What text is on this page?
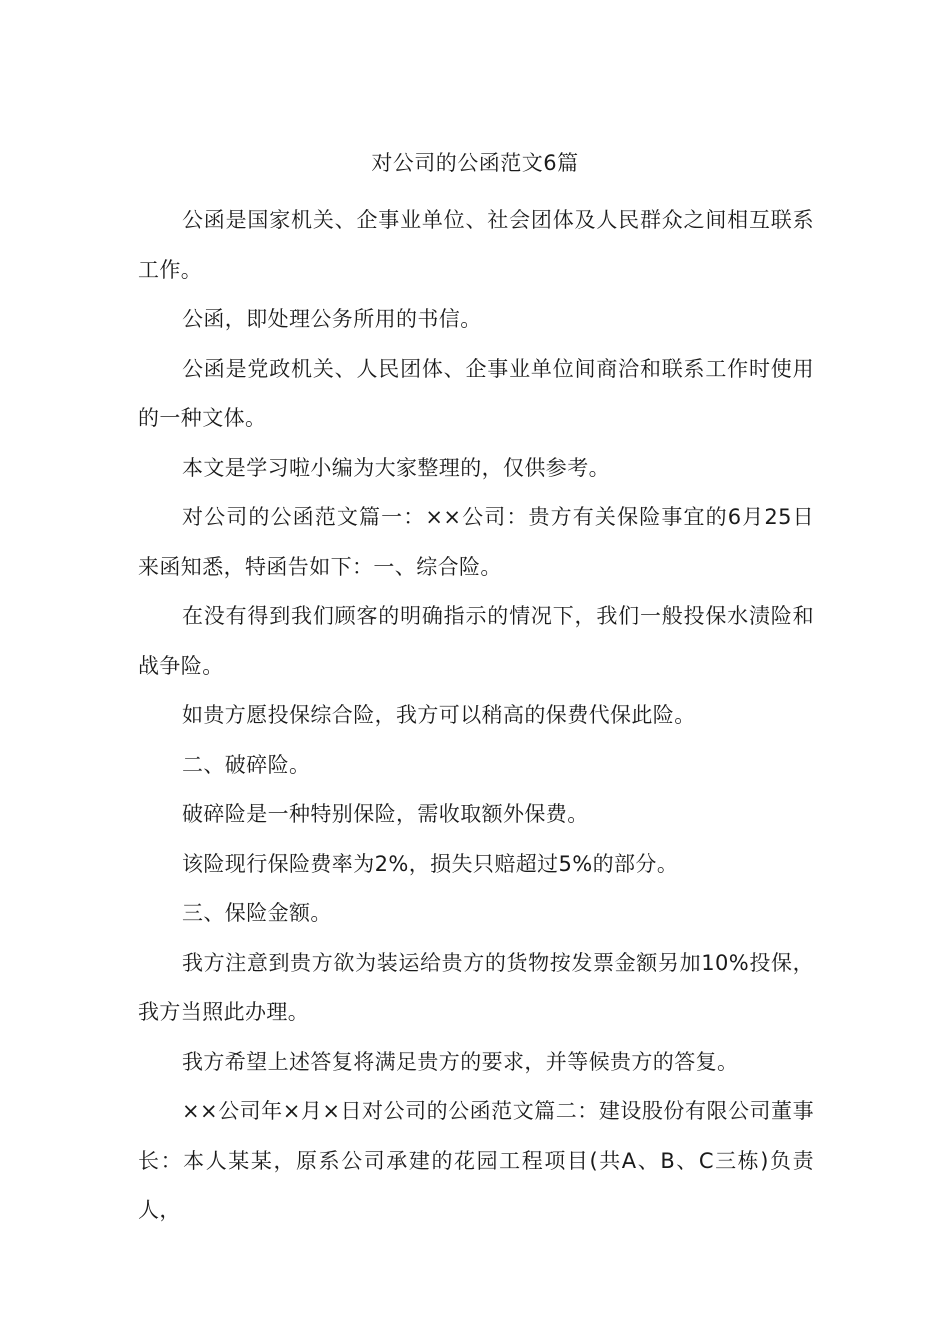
对公司的公函范文6篇

公函是国家机关、企事业单位、社会团体及人民群众之间相互联系工作。

公函，即处理公务所用的书信。

公函是党政机关、人民团体、企事业单位间商洽和联系工作时使用的一种文体。

本文是学习啦小编为大家整理的，仅供参考。

对公司的公函范文篇一：××公司：贵方有关保险事宜的6月25日来函知悉，特函告如下：一、综合险。

在没有得到我们顾客的明确指示的情况下，我们一般投保水渍险和战争险。

如贵方愿投保综合险，我方可以稍高的保费代保此险。

二、破碎险。

破碎险是一种特别保险，需收取额外保费。

该险现行保险费率为2%，损失只赔超过5%的部分。

三、保险金额。

我方注意到贵方欲为装运给贵方的货物按发票金额另加10%投保，我方当照此办理。

我方希望上述答复将满足贵方的要求，并等候贵方的答复。

××公司年×月×日对公司的公函范文篇二：建设股份有限公司董事长：本人某某，原系公司承建的花园工程项目(共A、B、C三栋)负责人，
